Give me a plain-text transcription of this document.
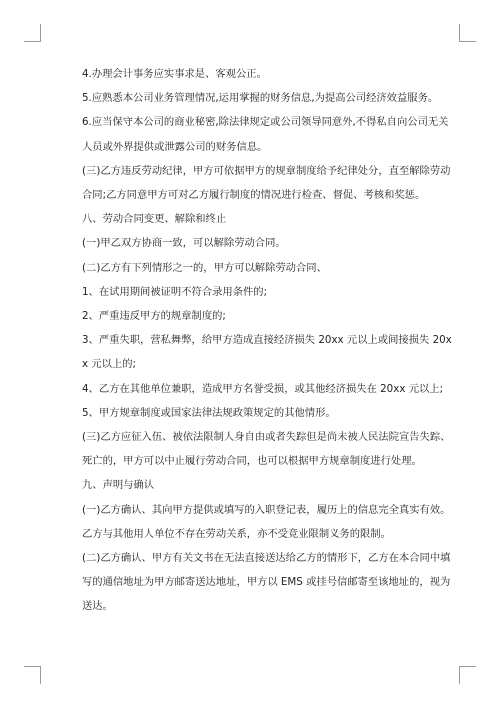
4.办理会计事务应实事求是、客观公正。

5.应熟悉本公司业务管理情况,运用掌握的财务信息,为提高公司经济效益服务。

6.应当保守本公司的商业秘密,除法律规定或公司领导同意外,不得私自向公司无关人员或外界提供或泄露公司的财务信息。

(三)乙方违反劳动纪律，甲方可依据甲方的规章制度给予纪律处分，直至解除劳动合同;乙方同意甲方可对乙方履行制度的情况进行检查、督促、考核和奖惩。

八、劳动合同变更、解除和终止

(一)甲乙双方协商一致，可以解除劳动合同。

(二)乙方有下列情形之一的，甲方可以解除劳动合同、

1、在试用期间被证明不符合录用条件的;

2、严重违反甲方的规章制度的;

3、严重失职，营私舞弊，给甲方造成直接经济损失 20xx 元以上或间接损失 20xx 元以上的;

4、乙方在其他单位兼职，造成甲方名誉受损，或其他经济损失在 20xx 元以上;

5、甲方规章制度或国家法律法规政策规定的其他情形。

(三)乙方应征入伍、被依法限制人身自由或者失踪但是尚未被人民法院宣告失踪、死亡的，甲方可以中止履行劳动合同，也可以根据甲方规章制度进行处理。

九、声明与确认

(一)乙方确认、其向甲方提供或填写的入职登记表，履历上的信息完全真实有效。乙方与其他用人单位不存在劳动关系，亦不受竞业限制义务的限制。

(二)乙方确认、甲方有关文书在无法直接送达给乙方的情形下，乙方在本合同中填写的通信地址为甲方邮寄送达地址，甲方以 EMS 或挂号信邮寄至该地址的，视为送达。
